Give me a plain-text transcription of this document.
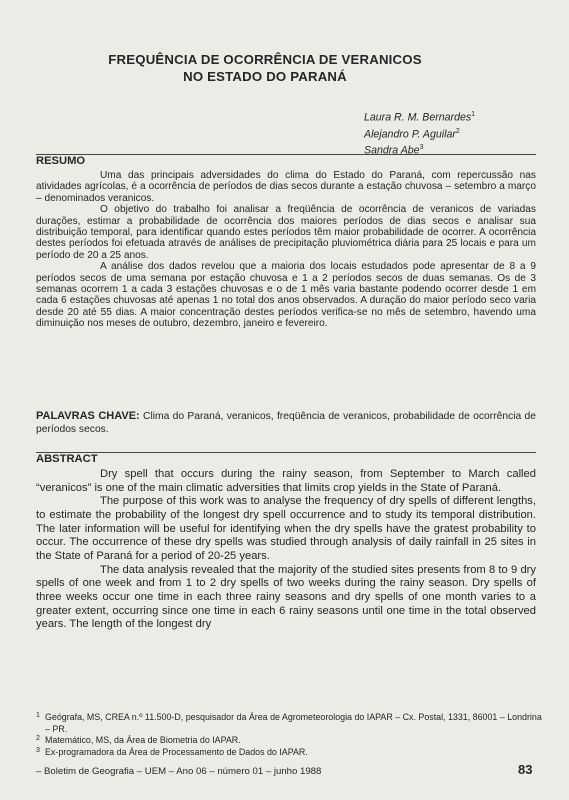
FREQUÊNCIA DE OCORRÊNCIA DE VERANICOS
NO ESTADO DO PARANÁ
Laura R. M. Bernardes$^1$
Alejandro P. Aguilar$^2$
Sandra Abe$^3$
RESUMO

Uma das principais adversidades do clima do Estado do Paraná, com repercussão nas atividades agrícolas, é a ocorrência de períodos de dias secos durante a estação chuvosa – setembro a março – denominados veranicos.

O objetivo do trabalho foi analisar a freqüência de ocorrência de veranicos de variadas durações, estimar a probabilidade de ocorrência dos maiores períodos de dias secos e analisar sua distribuição temporal, para identificar quando estes períodos têm maior probabilidade de ocorrer. A ocorrência destes períodos foi efetuada através de análises de precipitação pluviométrica diária para 25 locais e para um período de 20 a 25 anos.

A análise dos dados revelou que a maioria dos locais estudados pode apresentar de 8 a 9 períodos secos de uma semana por estação chuvosa e 1 a 2 períodos secos de duas semanas. Os de 3 semanas ocorrem 1 a cada 3 estações chuvosas e o de 1 mês varia bastante podendo ocorrer desde 1 em cada 6 estações chuvosas até apenas 1 no total dos anos observados. A duração do maior período seco varia desde 20 até 55 dias. A maior concentração destes períodos verifica-se no mês de setembro, havendo uma diminuição nos meses de outubro, dezembro, janeiro e fevereiro.

PALAVRAS CHAVE: Clima do Paraná, veranicos, freqüência de veranicos, probabilidade de ocorrência de períodos secos.
ABSTRACT

Dry spell that occurs during the rainy season, from September to March called “veranicos” is one of the main climatic adversities that limits crop yields in the State of Paraná.

The purpose of this work was to analyse the frequency of dry spells of different lengths, to estimate the probability of the longest dry spell occurrence and to study its temporal distribution. The later information will be useful for identifying when the dry spells have the gratest probability to occur. The occurrence of these dry spells was studied through analysis of daily rainfall in 25 sites in the State of Paraná for a period of 20-25 years.

The data analysis revealed that the majority of the studied sites presents from 8 to 9 dry spells of one week and from 1 to 2 dry spells of two weeks during the rainy season. Dry spells of three weeks occur one time in each three rainy seasons and dry spells of one month varies to a greater extent, occurring since one time in each 6 rainy seasons until one time in the total observed years. The length of the longest dry

1 Geógrafa, MS, CREA n.º 11.500-D, pesquisador da Área de Agrometeorologia do IAPAR – Cx. Postal, 1331, 86001 – Londrina – PR.
2 Matemático, MS, da Área de Biometria do IAPAR.
3 Ex-programadora da Área de Processamento de Dados do IAPAR.
– Boletim de Geografia – UEM – Ano 06 – número 01 – junho 1988	83
